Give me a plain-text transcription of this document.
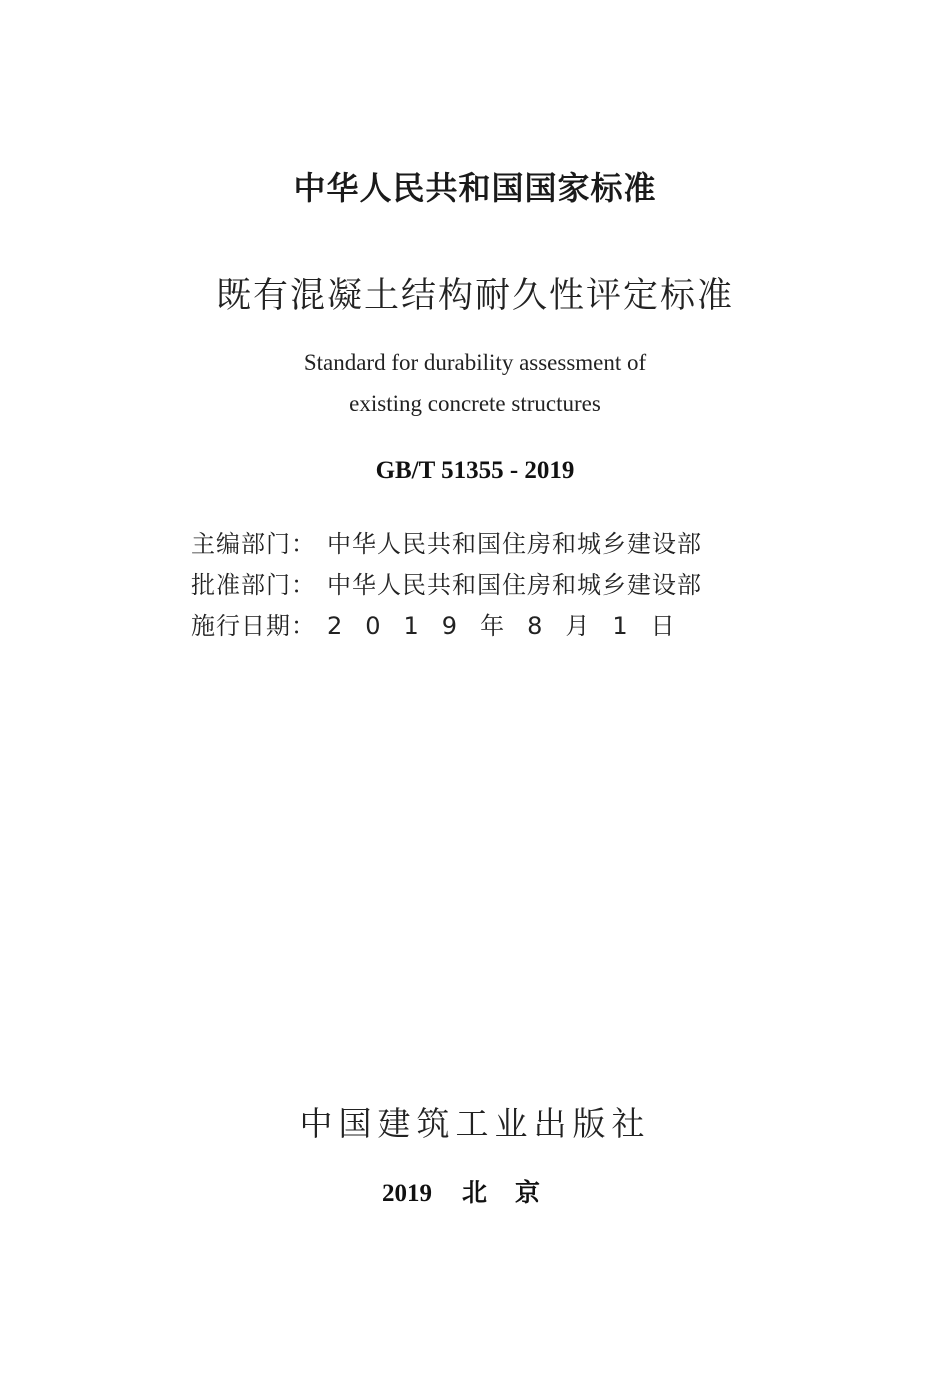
中华人民共和国国家标准
既有混凝土结构耐久性评定标准
Standard for durability assessment of
existing concrete structures
GB/T 51355 - 2019
主编部门： 中华人民共和国住房和城乡建设部
批准部门： 中华人民共和国住房和城乡建设部
施行日期： 2019年8月1日
中国建筑工业出版社
2019 北京
